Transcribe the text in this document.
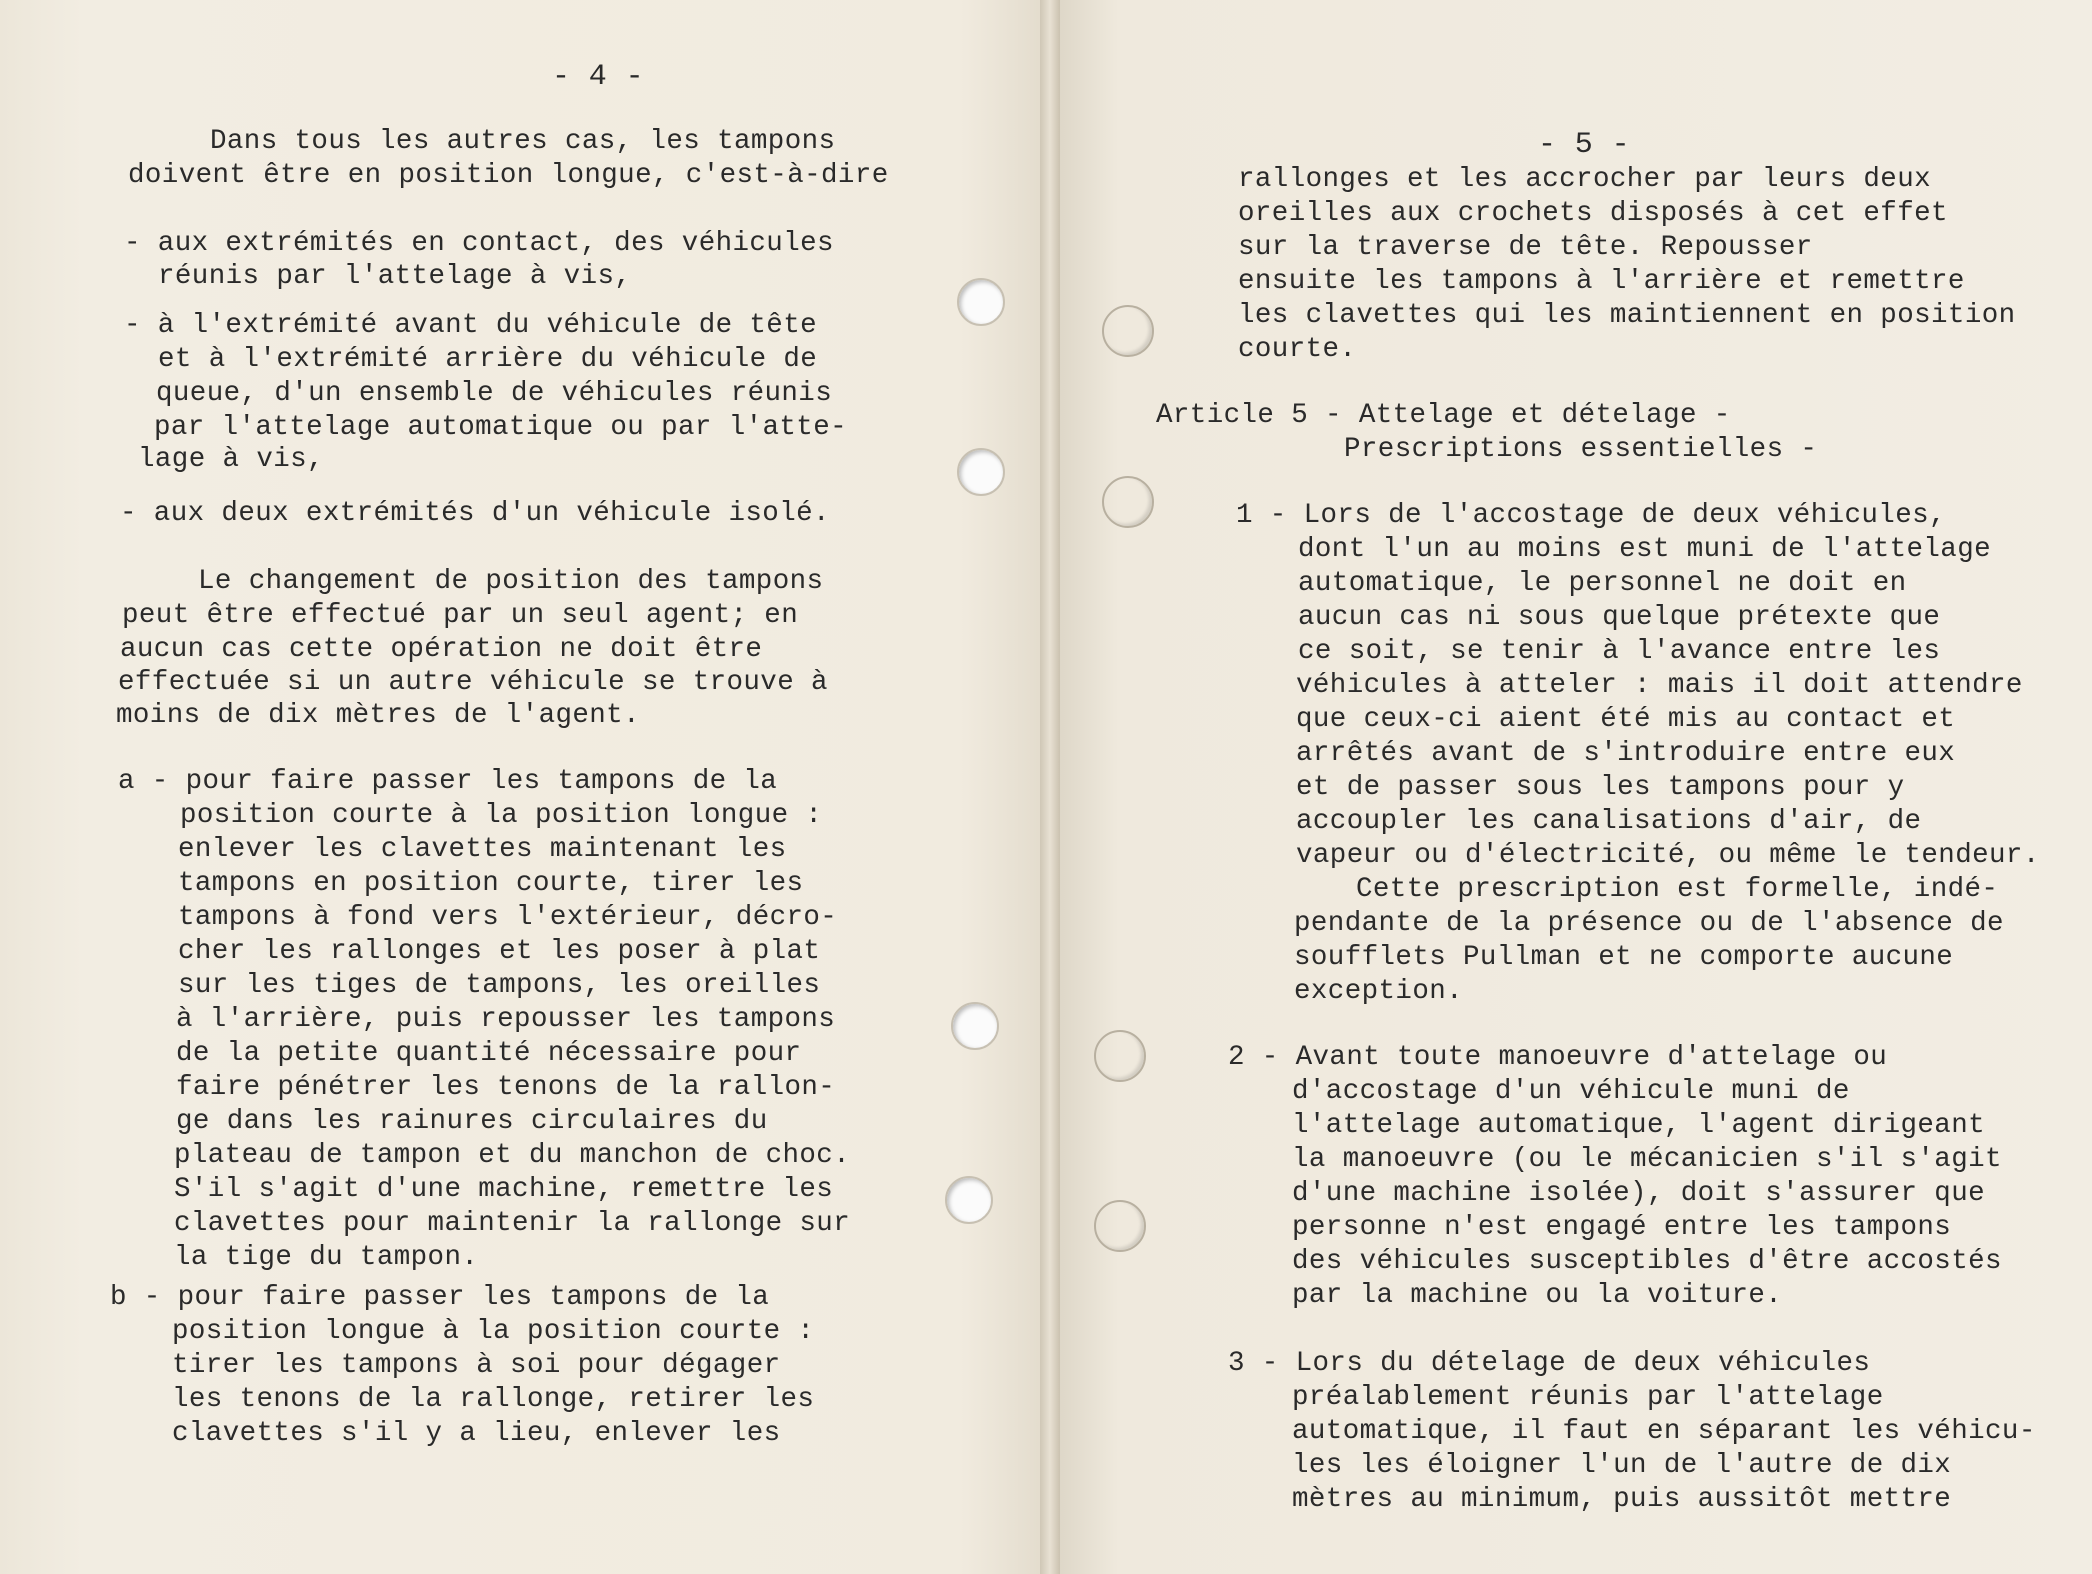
- 4 -
Dans tous les autres cas, les tampons
doivent être en position longue, c'est-à-dire
- aux extrémités en contact, des véhicules
réunis par l'attelage à vis,
- à l'extrémité avant du véhicule de tête
et à l'extrémité arrière du véhicule de
queue, d'un ensemble de véhicules réunis
par l'attelage automatique ou par l'atte-
lage à vis,
- aux deux extrémités d'un véhicule isolé.
Le changement de position des tampons
peut être effectué par un seul agent; en
aucun cas cette opération ne doit être
effectuée si un autre véhicule se trouve à
moins de dix mètres de l'agent.
a - pour faire passer les tampons de la
position courte à la position longue :
enlever les clavettes maintenant les
tampons en position courte, tirer les
tampons à fond vers l'extérieur, décro-
cher les rallonges et les poser à plat
sur les tiges de tampons, les oreilles
à l'arrière, puis repousser les tampons
de la petite quantité nécessaire pour
faire pénétrer les tenons de la rallon-
ge dans les rainures circulaires du
plateau de tampon et du manchon de choc.
S'il s'agit d'une machine, remettre les
clavettes pour maintenir la rallonge sur
la tige du tampon.
b - pour faire passer les tampons de la
position longue à la position courte :
tirer les tampons à soi pour dégager
les tenons de la rallonge, retirer les
clavettes s'il y a lieu, enlever les
- 5 -
rallonges et les accrocher par leurs deux
oreilles aux crochets disposés à cet effet
sur la traverse de tête. Repousser
ensuite les tampons à l'arrière et remettre
les clavettes qui les maintiennent en position
courte.
Article 5 - Attelage et dételage -
Prescriptions essentielles -
1 - Lors de l'accostage de deux véhicules,
dont l'un au moins est muni de l'attelage
automatique, le personnel ne doit en
aucun cas ni sous quelque prétexte que
ce soit, se tenir à l'avance entre les
véhicules à atteler : mais il doit attendre
que ceux-ci aient été mis au contact et
arrêtés avant de s'introduire entre eux
et de passer sous les tampons pour y
accoupler les canalisations d'air, de
vapeur ou d'électricité, ou même le tendeur.
Cette prescription est formelle, indé-
pendante de la présence ou de l'absence de
soufflets Pullman et ne comporte aucune
exception.
2 - Avant toute manoeuvre d'attelage ou
d'accostage d'un véhicule muni de
l'attelage automatique, l'agent dirigeant
la manoeuvre (ou le mécanicien s'il s'agit
d'une machine isolée), doit s'assurer que
personne n'est engagé entre les tampons
des véhicules susceptibles d'être accostés
par la machine ou la voiture.
3 - Lors du dételage de deux véhicules
préalablement réunis par l'attelage
automatique, il faut en séparant les véhicu-
les les éloigner l'un de l'autre de dix
mètres au minimum, puis aussitôt mettre
